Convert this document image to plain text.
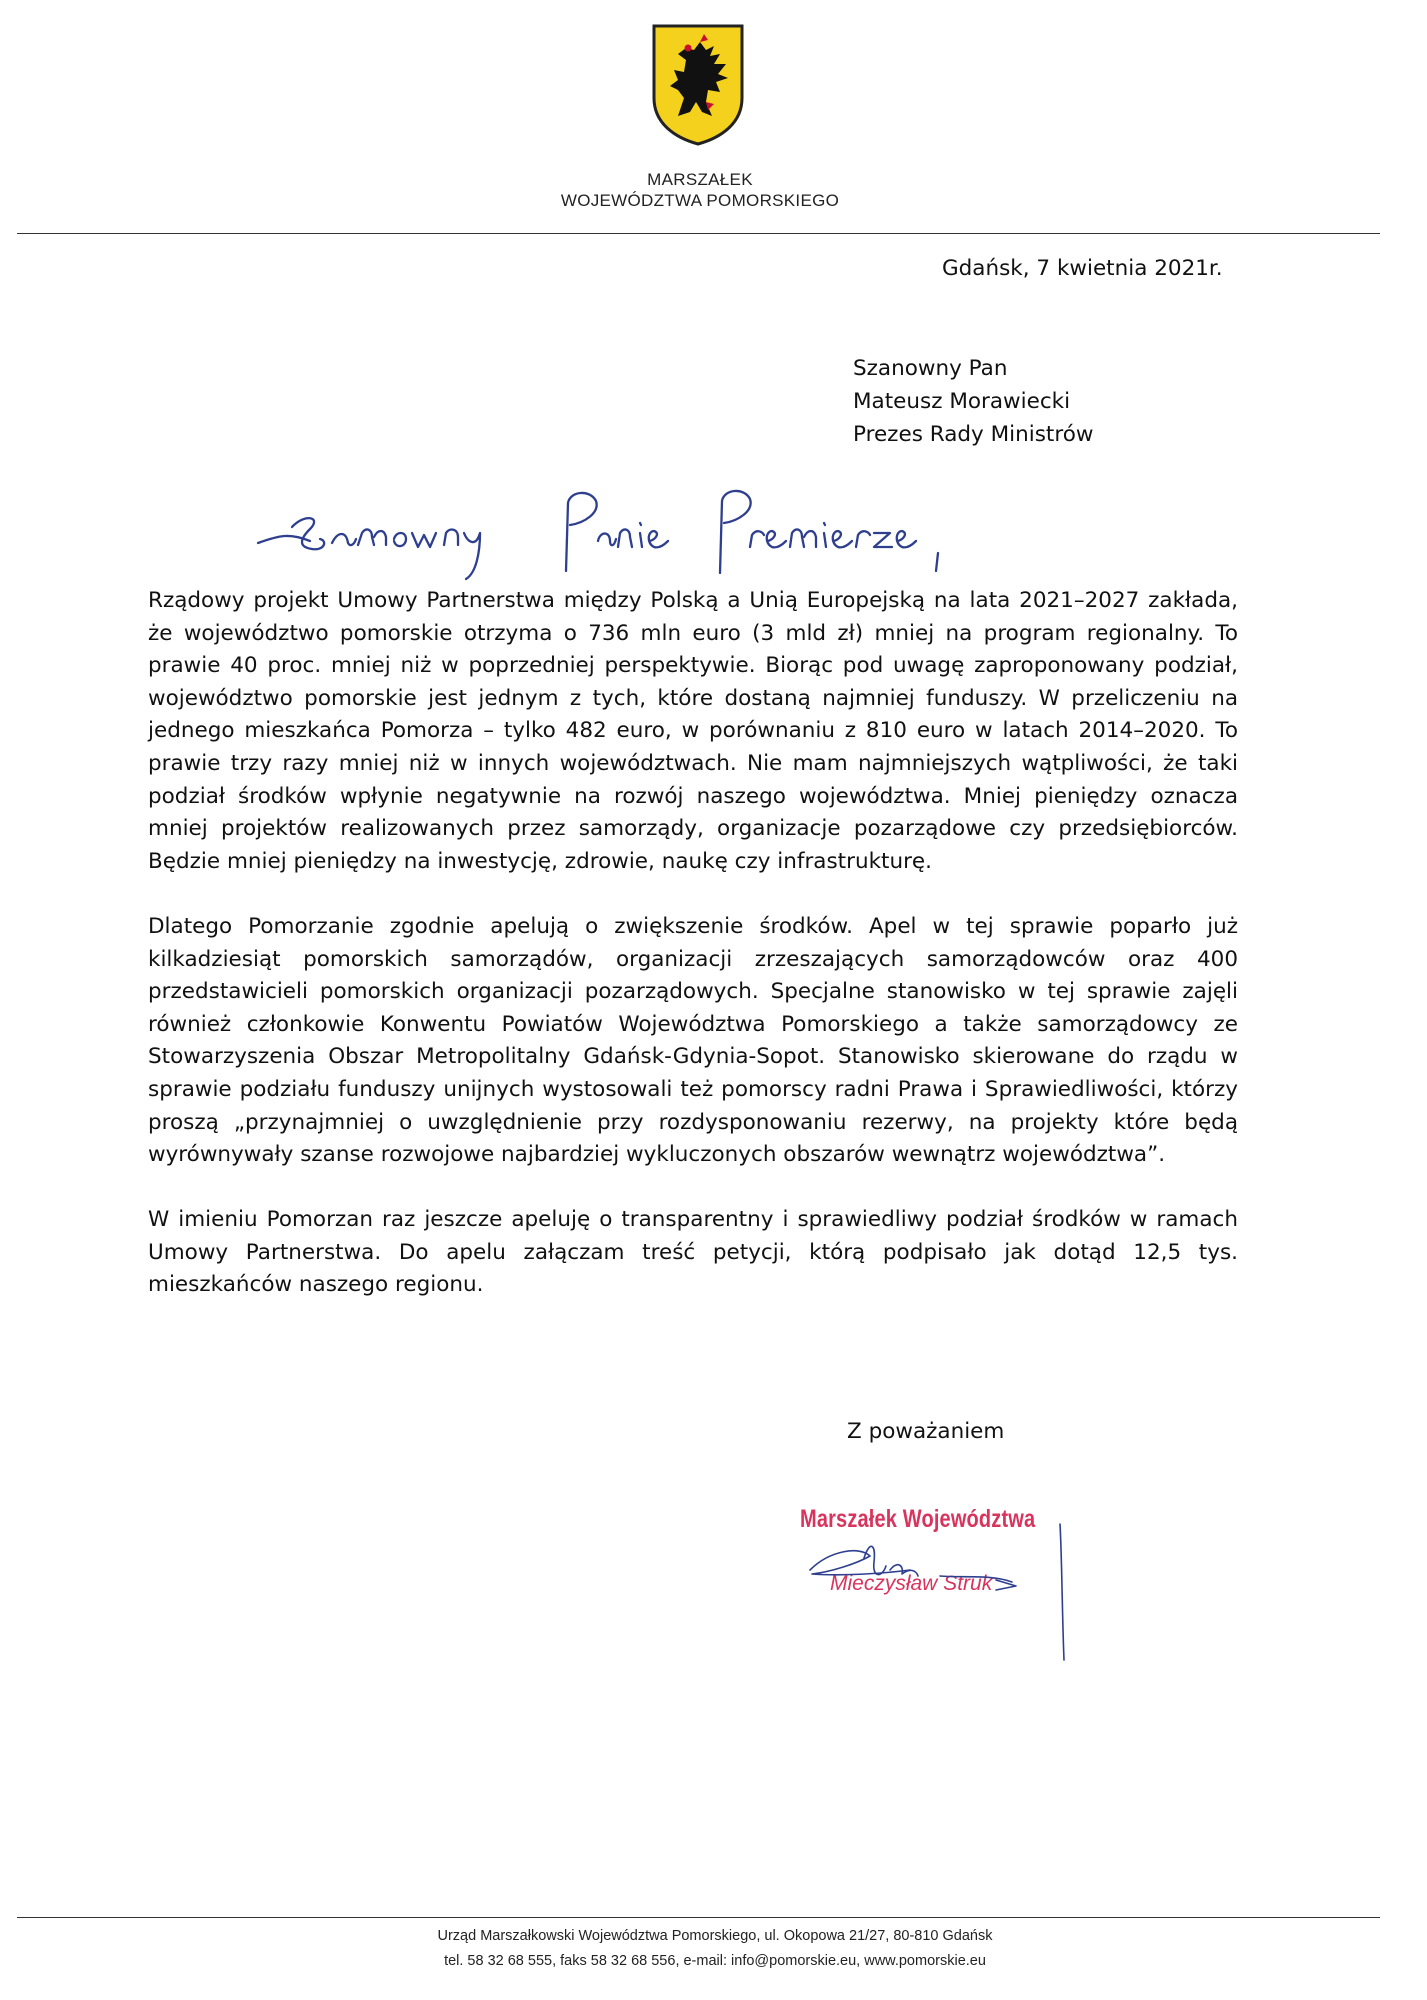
MARSZAŁEK
WOJEWÓDZTWA POMORSKIEGO
Gdańsk, 7 kwietnia 2021r.
Szanowny Pan
Mateusz Morawiecki
Prezes Rady Ministrów

Rządowy projekt Umowy Partnerstwa między Polską a Unią Europejską na lata 2021–2027 zakłada, że województwo pomorskie otrzyma o 736 mln euro (3 mld zł) mniej na program regionalny. To prawie 40 proc. mniej niż w poprzedniej perspektywie. Biorąc pod uwagę zaproponowany podział, województwo pomorskie jest jednym z tych, które dostaną najmniej funduszy. W przeliczeniu na jednego mieszkańca Pomorza – tylko 482 euro, w porównaniu z 810 euro w latach 2014–2020. To prawie trzy razy mniej niż w innych województwach. Nie mam najmniejszych wątpliwości, że taki podział środków wpłynie negatywnie na rozwój naszego województwa. Mniej pieniędzy oznacza mniej projektów realizowanych przez samorządy, organizacje pozarządowe czy przedsiębiorców. Będzie mniej pieniędzy na inwestycję, zdrowie, naukę czy infrastrukturę.

Dlatego Pomorzanie zgodnie apelują o zwiększenie środków. Apel w tej sprawie poparło już kilkadziesiąt pomorskich samorządów, organizacji zrzeszających samorządowców oraz 400 przedstawicieli pomorskich organizacji pozarządowych. Specjalne stanowisko w tej sprawie zajęli również członkowie Konwentu Powiatów Województwa Pomorskiego a także samorządowcy ze Stowarzyszenia Obszar Metropolitalny Gdańsk-Gdynia-Sopot. Stanowisko skierowane do rządu w sprawie podziału funduszy unijnych wystosowali też pomorscy radni Prawa i Sprawiedliwości, którzy proszą „przynajmniej o uwzględnienie przy rozdysponowaniu rezerwy, na projekty które będą wyrównywały szanse rozwojowe najbardziej wykluczonych obszarów wewnątrz województwa”.

W imieniu Pomorzan raz jeszcze apeluję o transparentny i sprawiedliwy podział środków w ramach Umowy Partnerstwa. Do apelu załączam treść petycji, którą podpisało jak dotąd 12,5 tys. mieszkańców naszego regionu.

Z poważaniem
Marszałek Województwa
Mieczysław Struk
Urząd Marszałkowski Województwa Pomorskiego, ul. Okopowa 21/27, 80-810 Gdańsk
tel. 58 32 68 555, faks 58 32 68 556, e-mail: info@pomorskie.eu, www.pomorskie.eu
